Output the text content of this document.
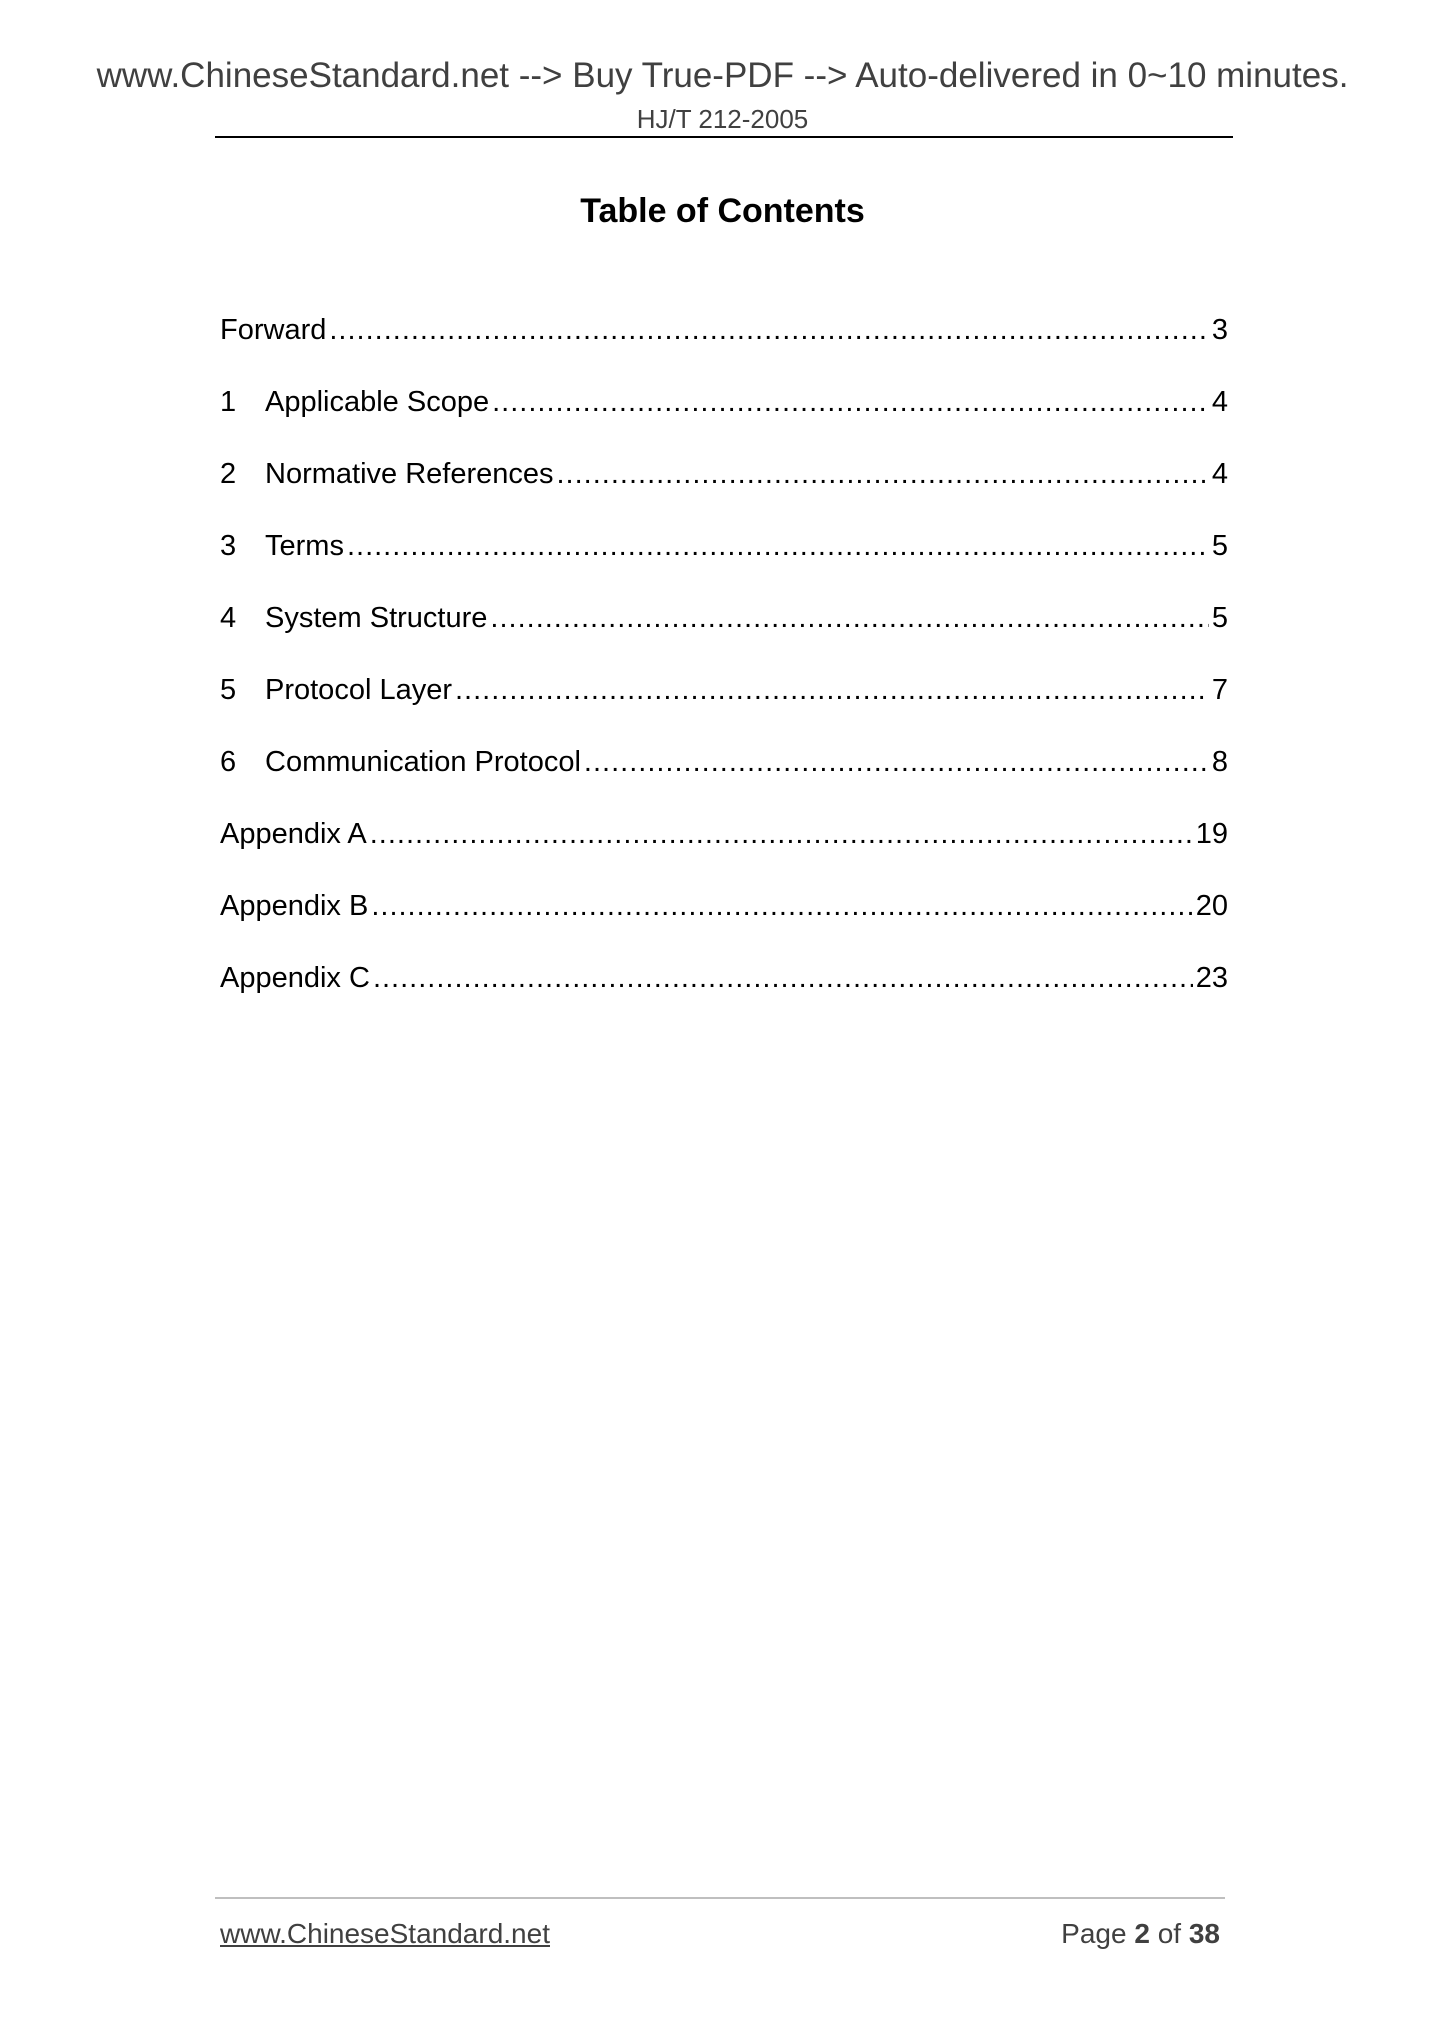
www.ChineseStandard.net --> Buy True-PDF --> Auto-delivered in 0~10 minutes.
HJ/T 212-2005
Table of Contents
Forward .....	3
1 Applicable Scope .....	4
2 Normative References .....	4
3 Terms .....	5
4 System Structure .....	5
5 Protocol Layer .....	7
6 Communication Protocol .....	8
Appendix A .....	19
Appendix B .....	20
Appendix C .....	23
www.ChineseStandard.net	Page 2 of 38
